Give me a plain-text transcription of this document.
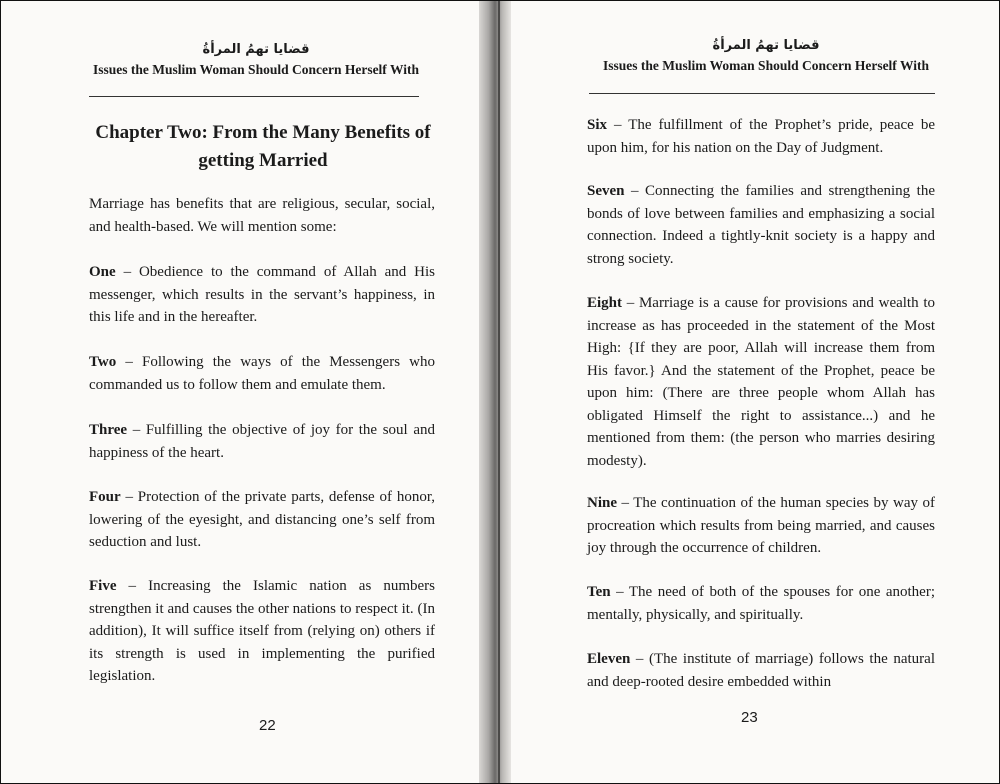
قضايا تهمُ المرأةُ
Issues the Muslim Woman Should Concern Herself With
Chapter Two: From the Many Benefits of getting Married

Marriage has benefits that are religious, secular, social, and health-based. We will mention some:

One – Obedience to the command of Allah and His messenger, which results in the servant’s happiness, in this life and in the hereafter.

Two – Following the ways of the Messengers who commanded us to follow them and emulate them.

Three – Fulfilling the objective of joy for the soul and happiness of the heart.

Four – Protection of the private parts, defense of honor, lowering of the eyesight, and distancing one’s self from seduction and lust.

Five – Increasing the Islamic nation as numbers strengthen it and causes the other nations to respect it. (In addition), It will suffice itself from (relying on) others if its strength is used in implementing the purified legislation.

22
قضايا تهمُ المرأةُ
Issues the Muslim Woman Should Concern Herself With

Six – The fulfillment of the Prophet’s pride, peace be upon him, for his nation on the Day of Judgment.

Seven – Connecting the families and strengthening the bonds of love between families and emphasizing a social connection. Indeed a tightly-knit society is a happy and strong society.

Eight – Marriage is a cause for provisions and wealth to increase as has proceeded in the statement of the Most High: {If they are poor, Allah will increase them from His favor.} And the statement of the Prophet, peace be upon him: (There are three people whom Allah has obligated Himself the right to assistance...) and he mentioned from them: (the person who marries desiring modesty).

Nine – The continuation of the human species by way of procreation which results from being married, and causes joy through the occurrence of children.

Ten – The need of both of the spouses for one another; mentally, physically, and spiritually.

Eleven – (The institute of marriage) follows the natural and deep-rooted desire embedded within

23
